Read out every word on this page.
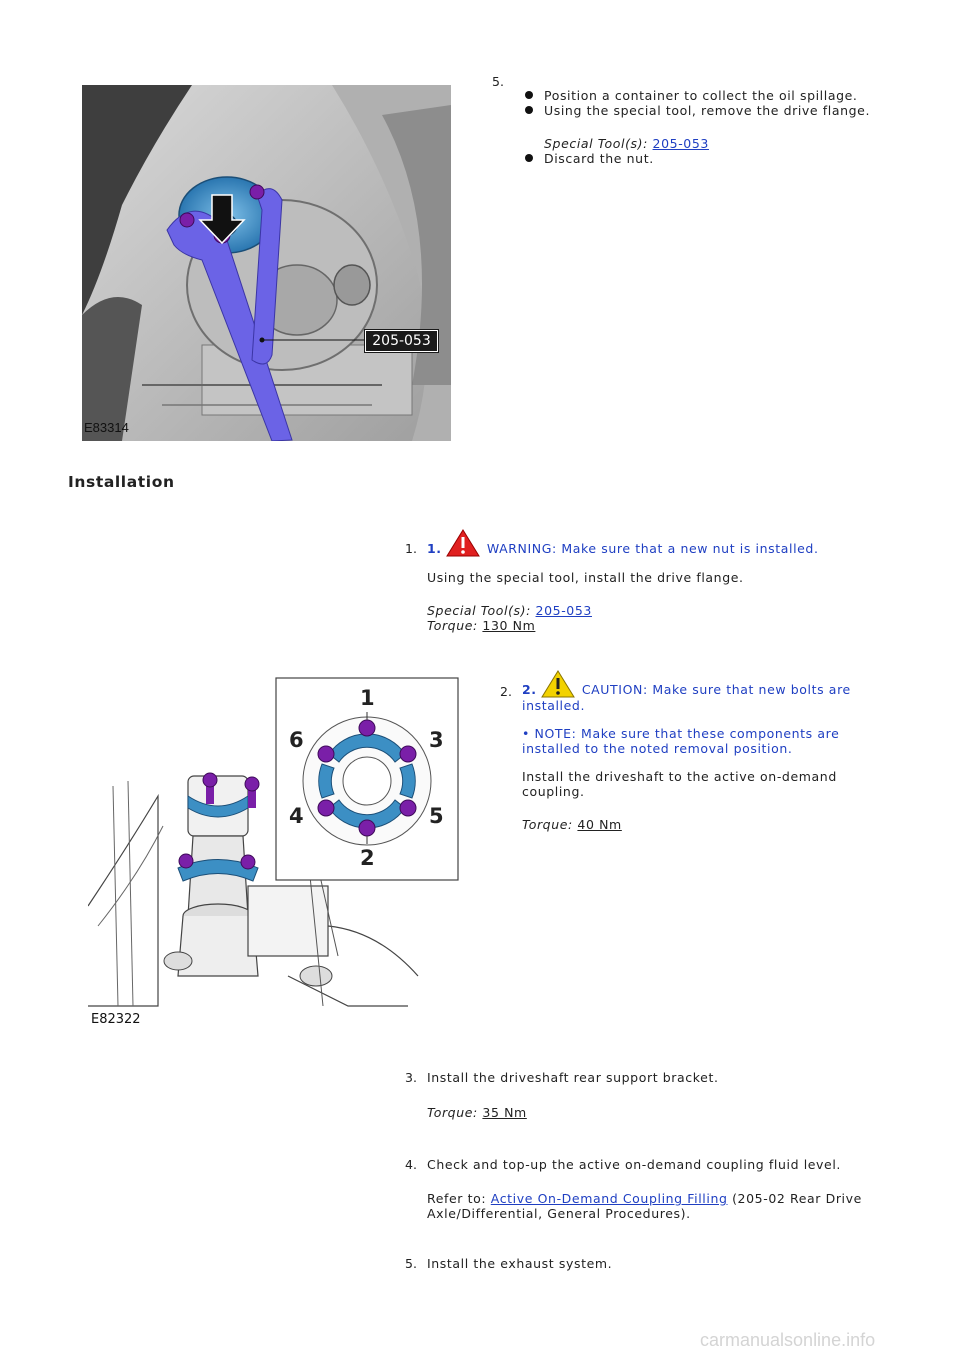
205-053
E83314
5.
Position a container to collect the oil spillage.
Using the special tool, remove the drive flange.
Special Tool(s): 205-053
Discard the nut.
Installation
1. 1.	WARNING: Make sure that a new nut is installed.
Using the special tool, install the drive flange.
Special Tool(s): 205-053
Torque: 130 Nm
1
2
3
4	5
6
E82322
2. 2.	CAUTION: Make sure that new bolts are
installed.
• NOTE: Make sure that these components are
installed to the noted removal position.
Install the driveshaft to the active on-demand
coupling.
Torque: 40 Nm
3. Install the driveshaft rear support bracket.
Torque: 35 Nm
4. Check and top-up the active on-demand coupling fluid level.
Refer to: Active On-Demand Coupling Filling (205-02 Rear Drive
Axle/Differential, General Procedures).
5. Install the exhaust system.
carmanualsonline.info
